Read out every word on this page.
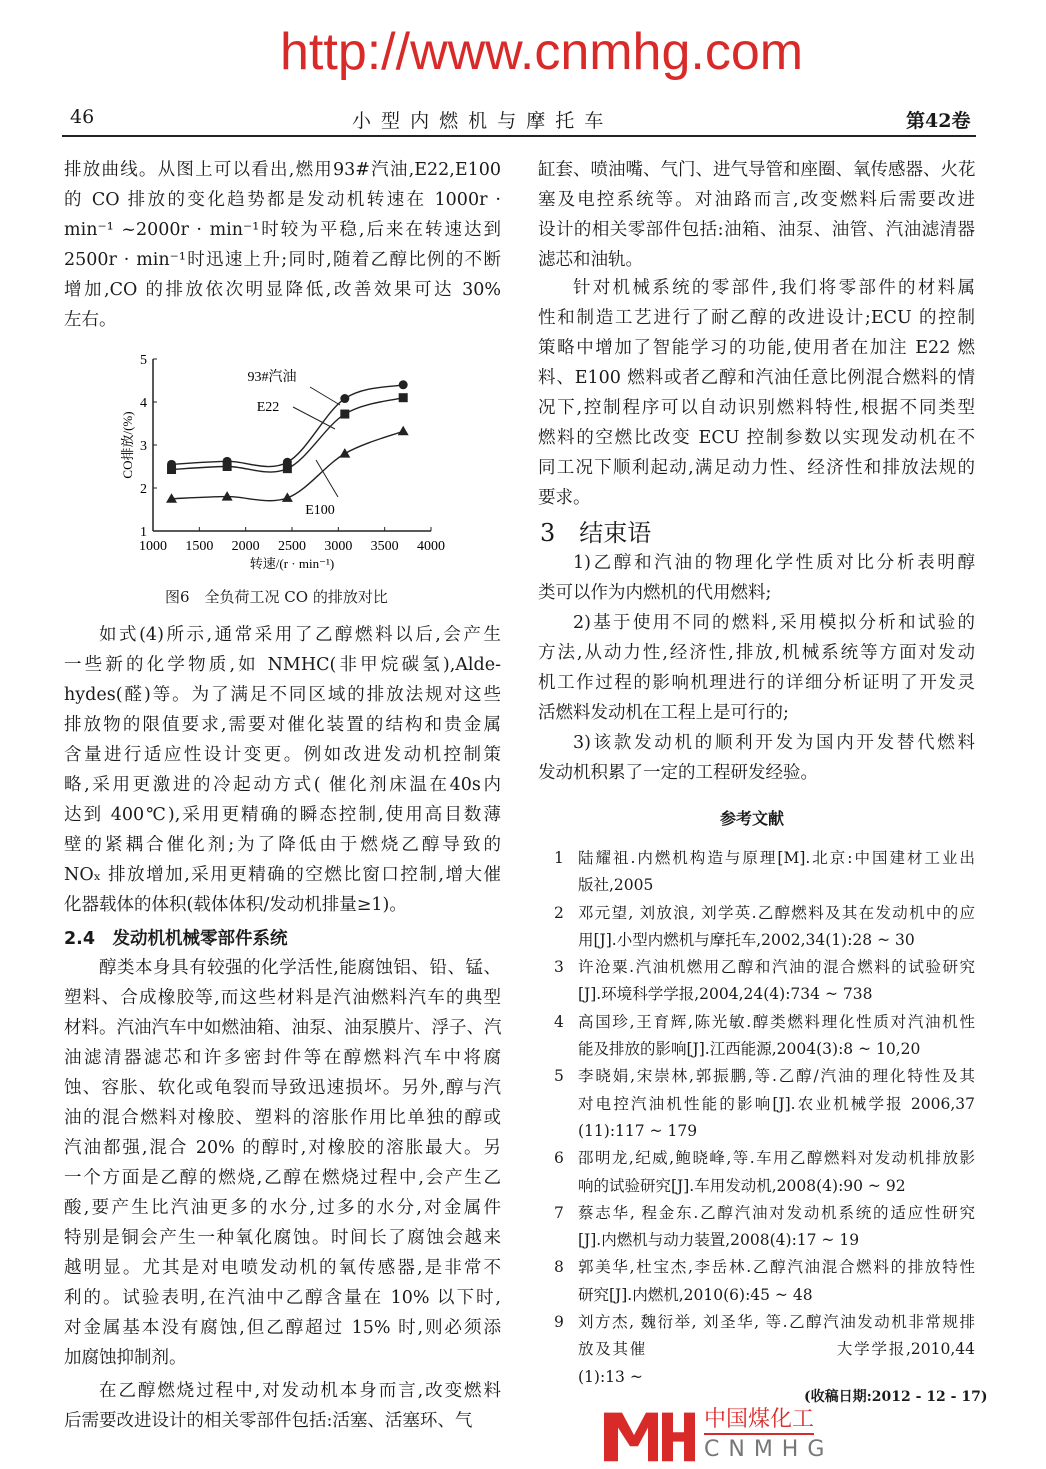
http://www.cnmhg.com
46	小 型 内 燃 机 与 摩 托 车	第42卷
排放曲线。从图上可以看出,燃用93#汽油,E22,E100
的 CO 排放的变化趋势都是发动机转速在 1000r ·
min⁻¹ ~2000r · min⁻¹时较为平稳,后来在转速达到
2500r · min⁻¹时迅速上升;同时,随着乙醇比例的不断
增加,CO 的排放依次明显降低,改善效果可达 30%
左右。
1000 1500 2000 2500 3000 3500 4000
1
2
3
4
5
转速/(r · min⁻¹)
CO排放/(%)
93#汽油
E22
E100
图6　全负荷工况 CO 的排放对比
如式(4)所示,通常采用了乙醇燃料以后,会产生
一些新的化学物质,如 NMHC(非甲烷碳氢),Alde-
hydes(醛)等。为了满足不同区域的排放法规对这些
排放物的限值要求,需要对催化装置的结构和贵金属
含量进行适应性设计变更。例如改进发动机控制策
略,采用更激进的冷起动方式( 催化剂床温在40s内
达到 400℃),采用更精确的瞬态控制,使用高目数薄
壁的紧耦合催化剂;为了降低由于燃烧乙醇导致的
NOₓ 排放增加,采用更精确的空燃比窗口控制,增大催
化器载体的体积(载体体积/发动机排量≥1)。
2.4　发动机机械零部件系统
醇类本身具有较强的化学活性,能腐蚀铝、铅、锰、
塑料、合成橡胶等,而这些材料是汽油燃料汽车的典型
材料。汽油汽车中如燃油箱、油泵、油泵膜片、浮子、汽
油滤清器滤芯和许多密封件等在醇燃料汽车中将腐
蚀、容胀、软化或龟裂而导致迅速损坏。另外,醇与汽
油的混合燃料对橡胶、塑料的溶胀作用比单独的醇或
汽油都强,混合 20% 的醇时,对橡胶的溶胀最大。另
一个方面是乙醇的燃烧,乙醇在燃烧过程中,会产生乙
酸,要产生比汽油更多的水分,过多的水分,对金属件
特别是铜会产生一种氧化腐蚀。时间长了腐蚀会越来
越明显。尤其是对电喷发动机的氧传感器,是非常不
利的。试验表明,在汽油中乙醇含量在 10% 以下时,
对金属基本没有腐蚀,但乙醇超过 15% 时,则必须添
加腐蚀抑制剂。
在乙醇燃烧过程中,对发动机本身而言,改变燃料
后需要改进设计的相关零部件包括:活塞、活塞环、气
缸套、喷油嘴、气门、进气导管和座圈、氧传感器、火花
塞及电控系统等。对油路而言,改变燃料后需要改进
设计的相关零部件包括:油箱、油泵、油管、汽油滤清器
滤芯和油轨。
针对机械系统的零部件,我们将零部件的材料属
性和制造工艺进行了耐乙醇的改进设计;ECU 的控制
策略中增加了智能学习的功能,使用者在加注 E22 燃
料、E100 燃料或者乙醇和汽油任意比例混合燃料的情
况下,控制程序可以自动识别燃料特性,根据不同类型
燃料的空燃比改变 ECU 控制参数以实现发动机在不
同工况下顺利起动,满足动力性、经济性和排放法规的
要求。
3　结束语
1)乙醇和汽油的物理化学性质对比分析表明醇
类可以作为内燃机的代用燃料;
2)基于使用不同的燃料,采用模拟分析和试验的
方法,从动力性,经济性,排放,机械系统等方面对发动
机工作过程的影响机理进行的详细分析证明了开发灵
活燃料发动机在工程上是可行的;
3)该款发动机的顺利开发为国内开发替代燃料
发动机积累了一定的工程研发经验。
参考文献
1 陆耀祖.内燃机构造与原理[M].北京:中国建材工业出
版社,2005
2 邓元望, 刘放浪, 刘学英.乙醇燃料及其在发动机中的应
用[J].小型内燃机与摩托车,2002,34(1):28 ~ 30
3 许沧粟.汽油机燃用乙醇和汽油的混合燃料的试验研究
[J].环境科学学报,2004,24(4):734 ~ 738
4 高国珍,王育辉,陈光敏.醇类燃料理化性质对汽油机性
能及排放的影响[J].江西能源,2004(3):8 ~ 10,20
5 李晓娟,宋崇林,郭振鹏,等.乙醇/汽油的理化特性及其
对电控汽油机性能的影响[J].农业机械学报 2006,37
(11):117 ~ 179
6 邵明龙,纪威,鲍晓峰,等.车用乙醇燃料对发动机排放影
响的试验研究[J].车用发动机,2008(4):90 ~ 92
7 蔡志华, 程金东.乙醇汽油对发动机系统的适应性研究
[J].内燃机与动力装置,2008(4):17 ~ 19
8 郭美华,杜宝杰,李岳林.乙醇汽油混合燃料的排放特性
研究[J].内燃机,2010(6):45 ~ 48
9 刘方杰, 魏衍举, 刘圣华, 等.乙醇汽油发动机非常规排
放及其催　　　　　　　　　　　大学学报,2010,44
(1):13 ~
(收稿日期:2012 - 12 - 17)
中国煤化工
CNMHG
